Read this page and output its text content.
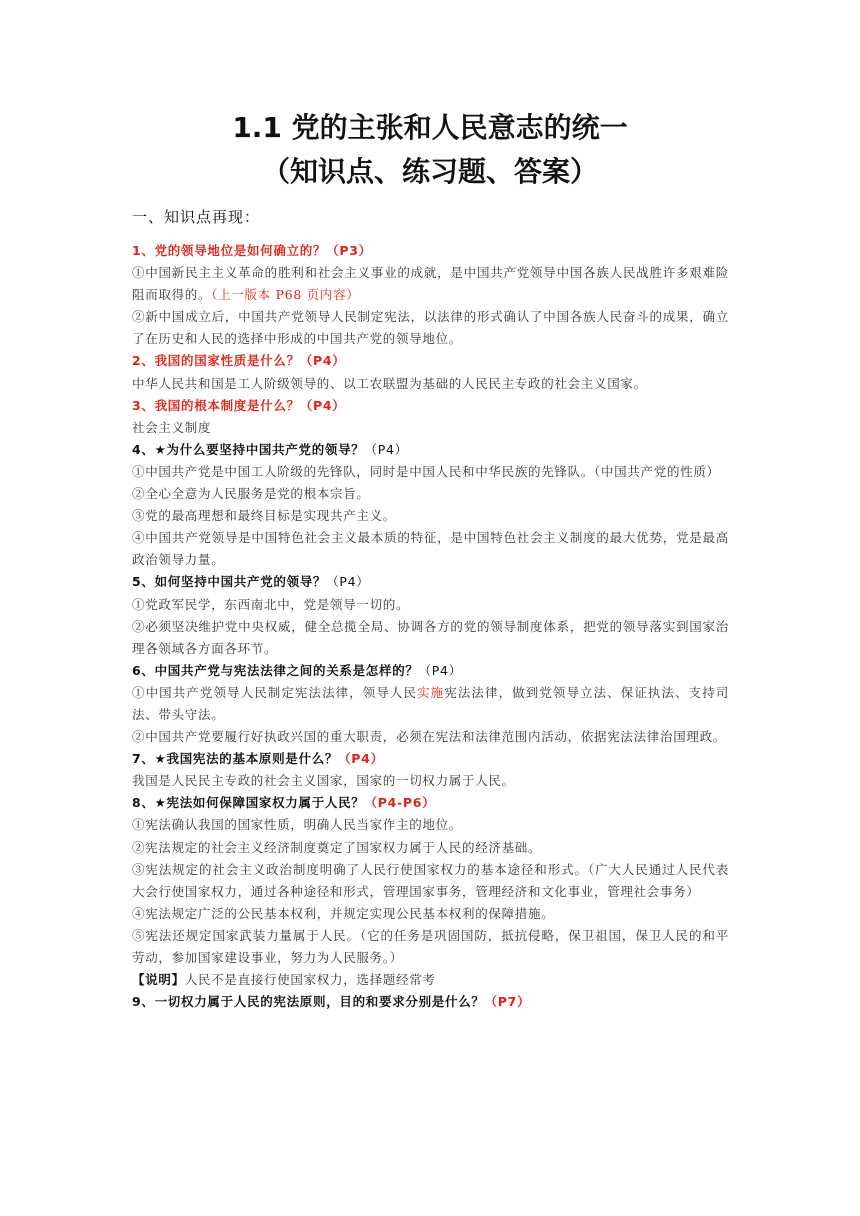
1.1 党的主张和人民意志的统一
（知识点、练习题、答案）
一、知识点再现：

1、党的领导地位是如何确立的？（P3）

①中国新民主主义革命的胜利和社会主义事业的成就，是中国共产党领导中国各族人民战胜许多艰难险阻而取得的。（上一版本 P68 页内容）

②新中国成立后，中国共产党领导人民制定宪法，以法律的形式确认了中国各族人民奋斗的成果，确立了在历史和人民的选择中形成的中国共产党的领导地位。

2、我国的国家性质是什么？（P4）

中华人民共和国是工人阶级领导的、以工农联盟为基础的人民民主专政的社会主义国家。

3、我国的根本制度是什么？（P4）

社会主义制度

4、★为什么要坚持中国共产党的领导？（P4）

①中国共产党是中国工人阶级的先锋队，同时是中国人民和中华民族的先锋队。（中国共产党的性质）

②全心全意为人民服务是党的根本宗旨。

③党的最高理想和最终目标是实现共产主义。

④中国共产党领导是中国特色社会主义最本质的特征，是中国特色社会主义制度的最大优势，党是最高政治领导力量。

5、如何坚持中国共产党的领导？（P4）

①党政军民学，东西南北中，党是领导一切的。

②必须坚决维护党中央权威，健全总揽全局、协调各方的党的领导制度体系，把党的领导落实到国家治理各领域各方面各环节。

6、中国共产党与宪法法律之间的关系是怎样的？（P4）

①中国共产党领导人民制定宪法法律，领导人民实施宪法法律，做到党领导立法、保证执法、支持司法、带头守法。

②中国共产党要履行好执政兴国的重大职责，必须在宪法和法律范围内活动，依据宪法法律治国理政。

7、★我国宪法的基本原则是什么？（P4）

我国是人民民主专政的社会主义国家，国家的一切权力属于人民。

8、★宪法如何保障国家权力属于人民？（P4-P6）

①宪法确认我国的国家性质，明确人民当家作主的地位。

②宪法规定的社会主义经济制度奠定了国家权力属于人民的经济基础。

③宪法规定的社会主义政治制度明确了人民行使国家权力的基本途径和形式。（广大人民通过人民代表大会行使国家权力，通过各种途径和形式，管理国家事务，管理经济和文化事业，管理社会事务）

④宪法规定广泛的公民基本权利，并规定实现公民基本权利的保障措施。

⑤宪法还规定国家武装力量属于人民。（它的任务是巩固国防，抵抗侵略，保卫祖国，保卫人民的和平劳动，参加国家建设事业，努力为人民服务。）

【说明】人民不是直接行使国家权力，选择题经常考

9、一切权力属于人民的宪法原则，目的和要求分别是什么？（P7）
